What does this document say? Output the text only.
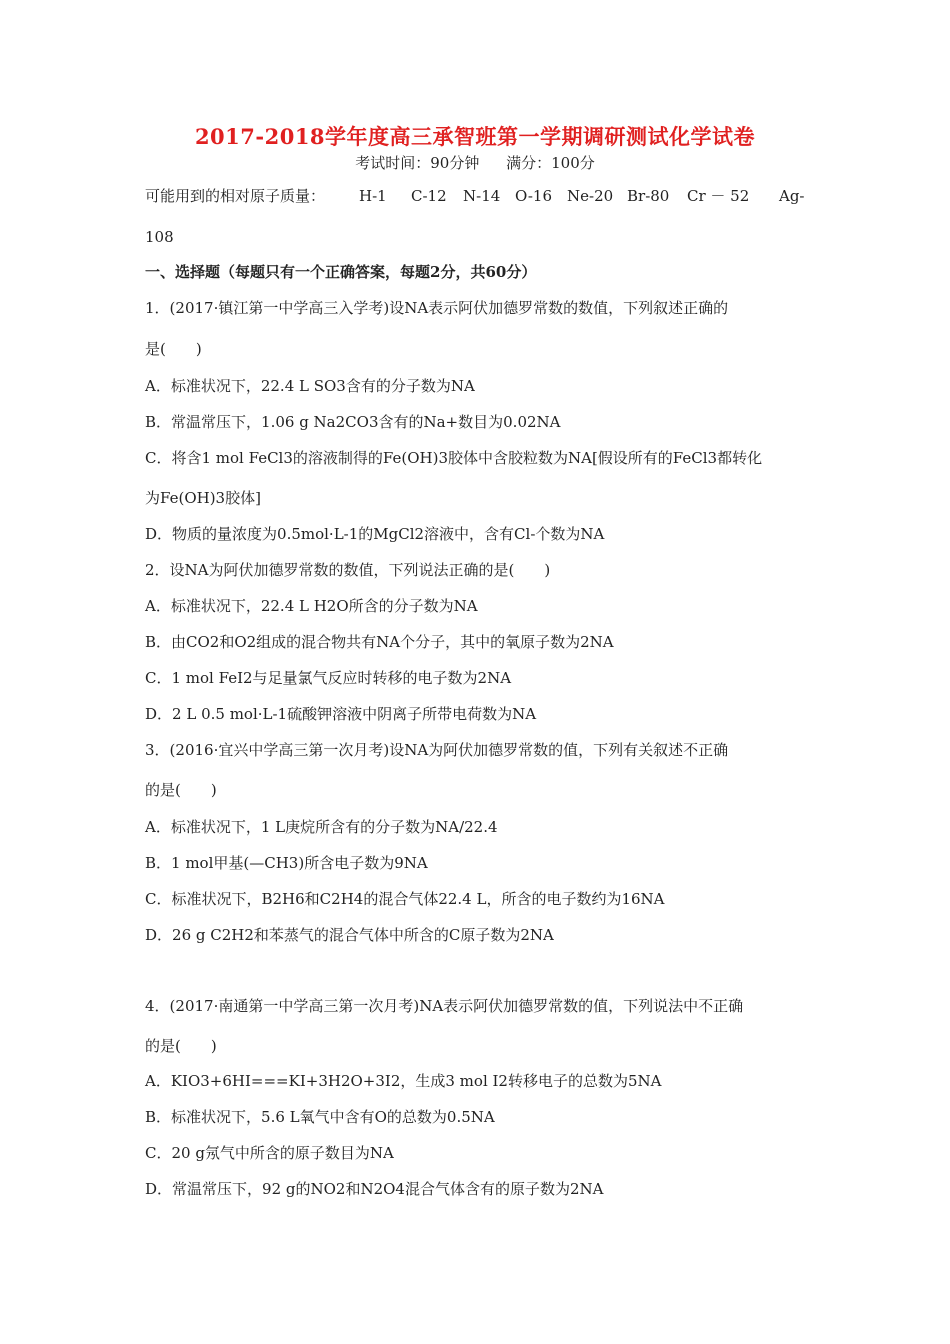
2017-2018学年度高三承智班第一学期调研测试化学试卷
考试时间：90分钟 满分：100分
可能用到的相对原子质量： H-1 C-12 N-14 O-16 Ne-20 Br-80 Cr － 52 Ag-
108
一、选择题（每题只有一个正确答案，每题2分，共60分）
1．(2017·镇江第一中学高三入学考)设NA表示阿伏加德罗常数的数值，下列叙述正确的
是(　　)
A．标准状况下，22.4 L SO3含有的分子数为NA
B．常温常压下，1.06 g Na2CO3含有的Na+数目为0.02NA
C．将含1 mol FeCl3的溶液制得的Fe(OH)3胶体中含胶粒数为NA[假设所有的FeCl3都转化
为Fe(OH)3胶体]
D．物质的量浓度为0.5mol·L-1的MgCl2溶液中，含有Cl-个数为NA
2．设NA为阿伏加德罗常数的数值，下列说法正确的是(　　)
A．标准状况下，22.4 L H2O所含的分子数为NA
B．由CO2和O2组成的混合物共有NA个分子，其中的氧原子数为2NA
C．1 mol FeI2与足量氯气反应时转移的电子数为2NA
D．2 L 0.5 mol·L-1硫酸钾溶液中阴离子所带电荷数为NA
3．(2016·宜兴中学高三第一次月考)设NA为阿伏加德罗常数的值，下列有关叙述不正确
的是(　　)
A．标准状况下，1 L庚烷所含有的分子数为NA/22.4
B．1 mol甲基(—CH3)所含电子数为9NA
C．标准状况下，B2H6和C2H4的混合气体22.4 L，所含的电子数约为16NA
D．26 g C2H2和苯蒸气的混合气体中所含的C原子数为2NA
4．(2017·南通第一中学高三第一次月考)NA表示阿伏加德罗常数的值，下列说法中不正确
的是(　　)
A．KIO3+6HI===KI+3H2O+3I2，生成3 mol I2转移电子的总数为5NA
B．标准状况下，5.6 L氧气中含有O的总数为0.5NA
C．20 g氖气中所含的原子数目为NA
D．常温常压下，92 g的NO2和N2O4混合气体含有的原子数为2NA
